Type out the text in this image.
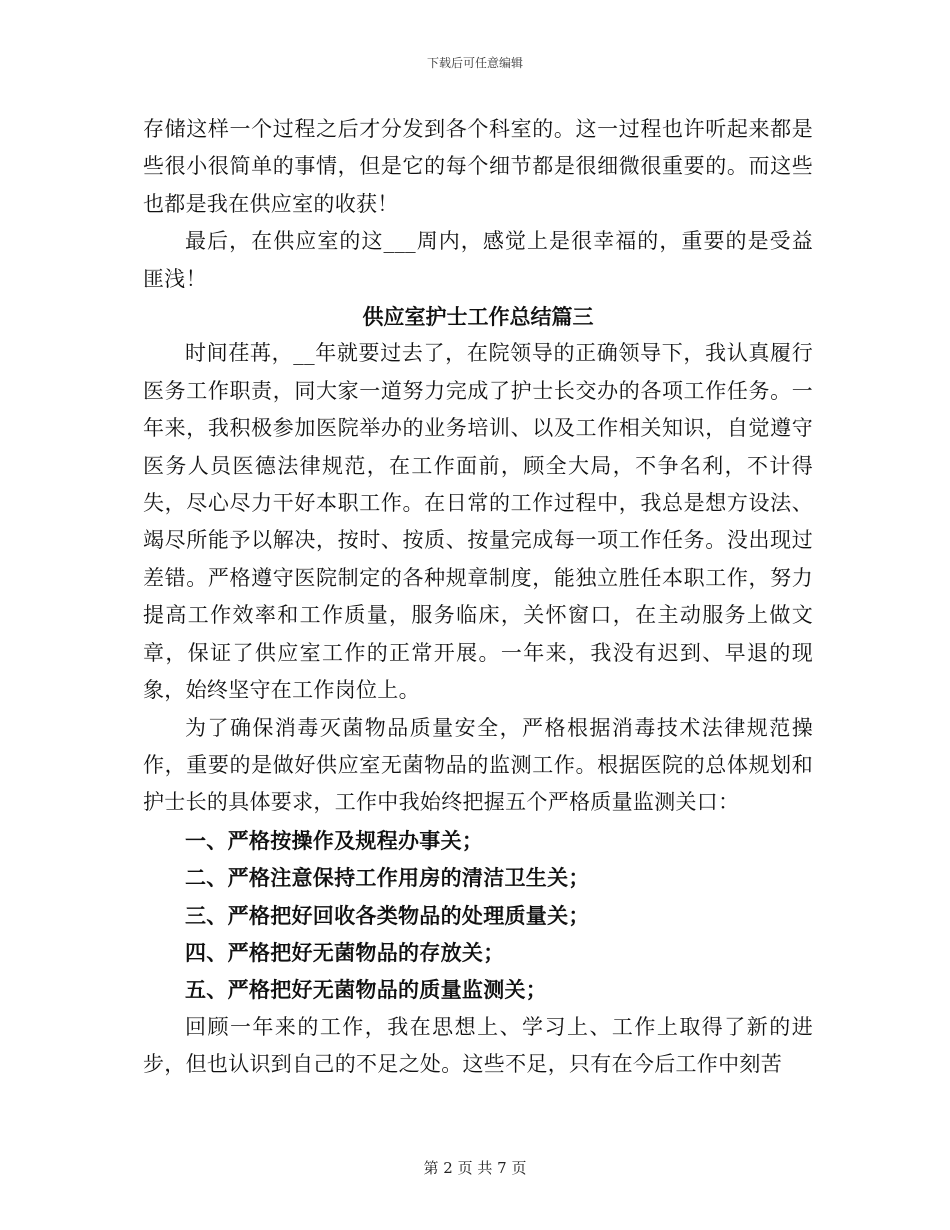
下载后可任意编辑

存储这样一个过程之后才分发到各个科室的。这一过程也许听起来都是些很小很简单的事情，但是它的每个细节都是很细微很重要的。而这些也都是我在供应室的收获！

最后，在供应室的这___周内，感觉上是很幸福的，重要的是受益匪浅！

供应室护士工作总结篇三

时间荏苒，__年就要过去了，在院领导的正确领导下，我认真履行医务工作职责，同大家一道努力完成了护士长交办的各项工作任务。一年来，我积极参加医院举办的业务培训、以及工作相关知识，自觉遵守医务人员医德法律规范，在工作面前，顾全大局，不争名利，不计得失，尽心尽力干好本职工作。在日常的工作过程中，我总是想方设法、竭尽所能予以解决，按时、按质、按量完成每一项工作任务。没出现过差错。严格遵守医院制定的各种规章制度，能独立胜任本职工作，努力提高工作效率和工作质量，服务临床，关怀窗口，在主动服务上做文章，保证了供应室工作的正常开展。一年来，我没有迟到、早退的现象，始终坚守在工作岗位上。

为了确保消毒灭菌物品质量安全，严格根据消毒技术法律规范操作，重要的是做好供应室无菌物品的监测工作。根据医院的总体规划和护士长的具体要求，工作中我始终把握五个严格质量监测关口：

一、严格按操作及规程办事关；

二、严格注意保持工作用房的清洁卫生关；

三、严格把好回收各类物品的处理质量关；

四、严格把好无菌物品的存放关；

五、严格把好无菌物品的质量监测关；

回顾一年来的工作，我在思想上、学习上、工作上取得了新的进步，但也认识到自己的不足之处。这些不足，只有在今后工作中刻苦

第 2 页 共 7 页
